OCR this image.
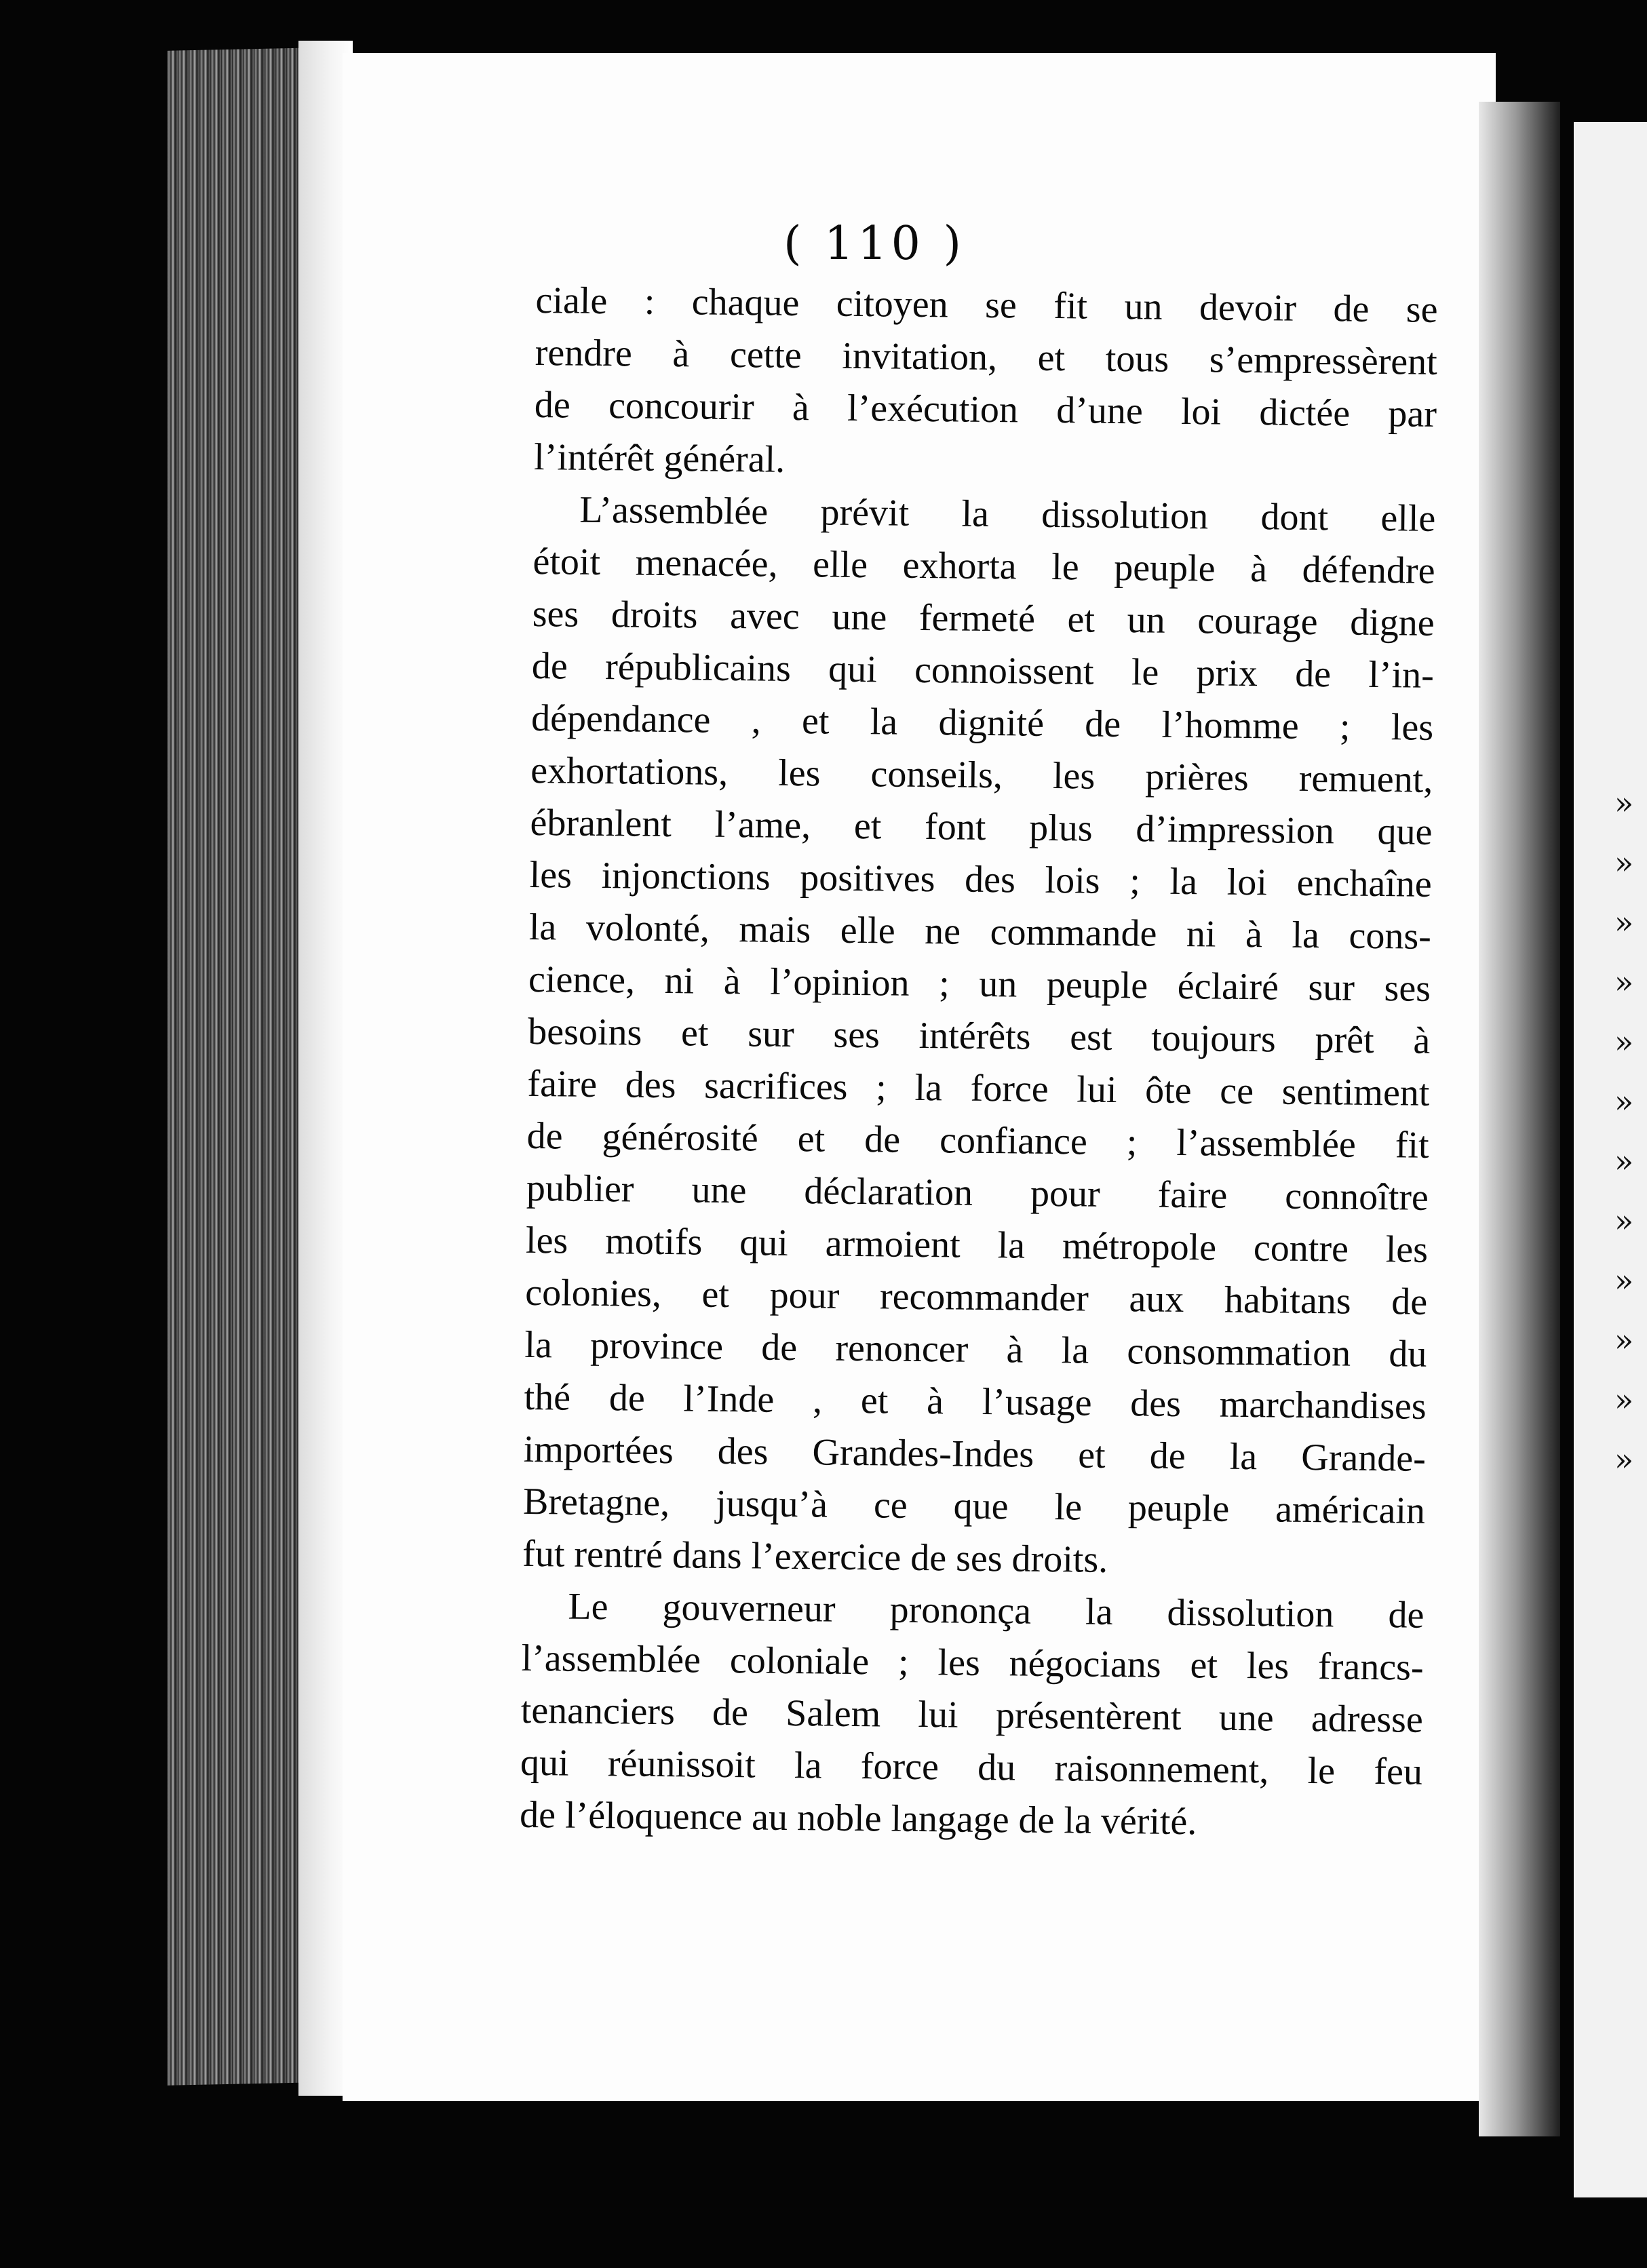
»
»
»
»
»
»
»
»
»
»
»
»
( 110 )

ciale : chaque citoyen se fit un devoir de se
rendre à cette invitation, et tous s’empressèrent
de concourir à l’exécution d’une loi dictée par
l’intérêt général.

L’assemblée prévit la dissolution dont elle
étoit menacée, elle exhorta le peuple à défendre
ses droits avec une fermeté et un courage digne
de républicains qui connoissent le prix de l’in-
dépendance , et la dignité de l’homme ; les
exhortations, les conseils, les prières remuent,
ébranlent l’ame, et font plus d’impression que
les injonctions positives des lois ; la loi enchaîne
la volonté, mais elle ne commande ni à la cons-
cience, ni à l’opinion ; un peuple éclairé sur ses
besoins et sur ses intérêts est toujours prêt à
faire des sacrifices ; la force lui ôte ce sentiment
de générosité et de confiance ; l’assemblée fit
publier une déclaration pour faire connoître
les motifs qui armoient la métropole contre les
colonies, et pour recommander aux habitans de
la province de renoncer à la consommation du
thé de l’Inde , et à l’usage des marchandises
importées des Grandes-Indes et de la Grande-
Bretagne, jusqu’à ce que le peuple américain
fut rentré dans l’exercice de ses droits.

Le gouverneur prononça la dissolution de
l’assemblée coloniale ; les négocians et les francs-
tenanciers de Salem lui présentèrent une adresse
qui réunissoit la force du raisonnement, le feu
de l’éloquence au noble langage de la vérité.
